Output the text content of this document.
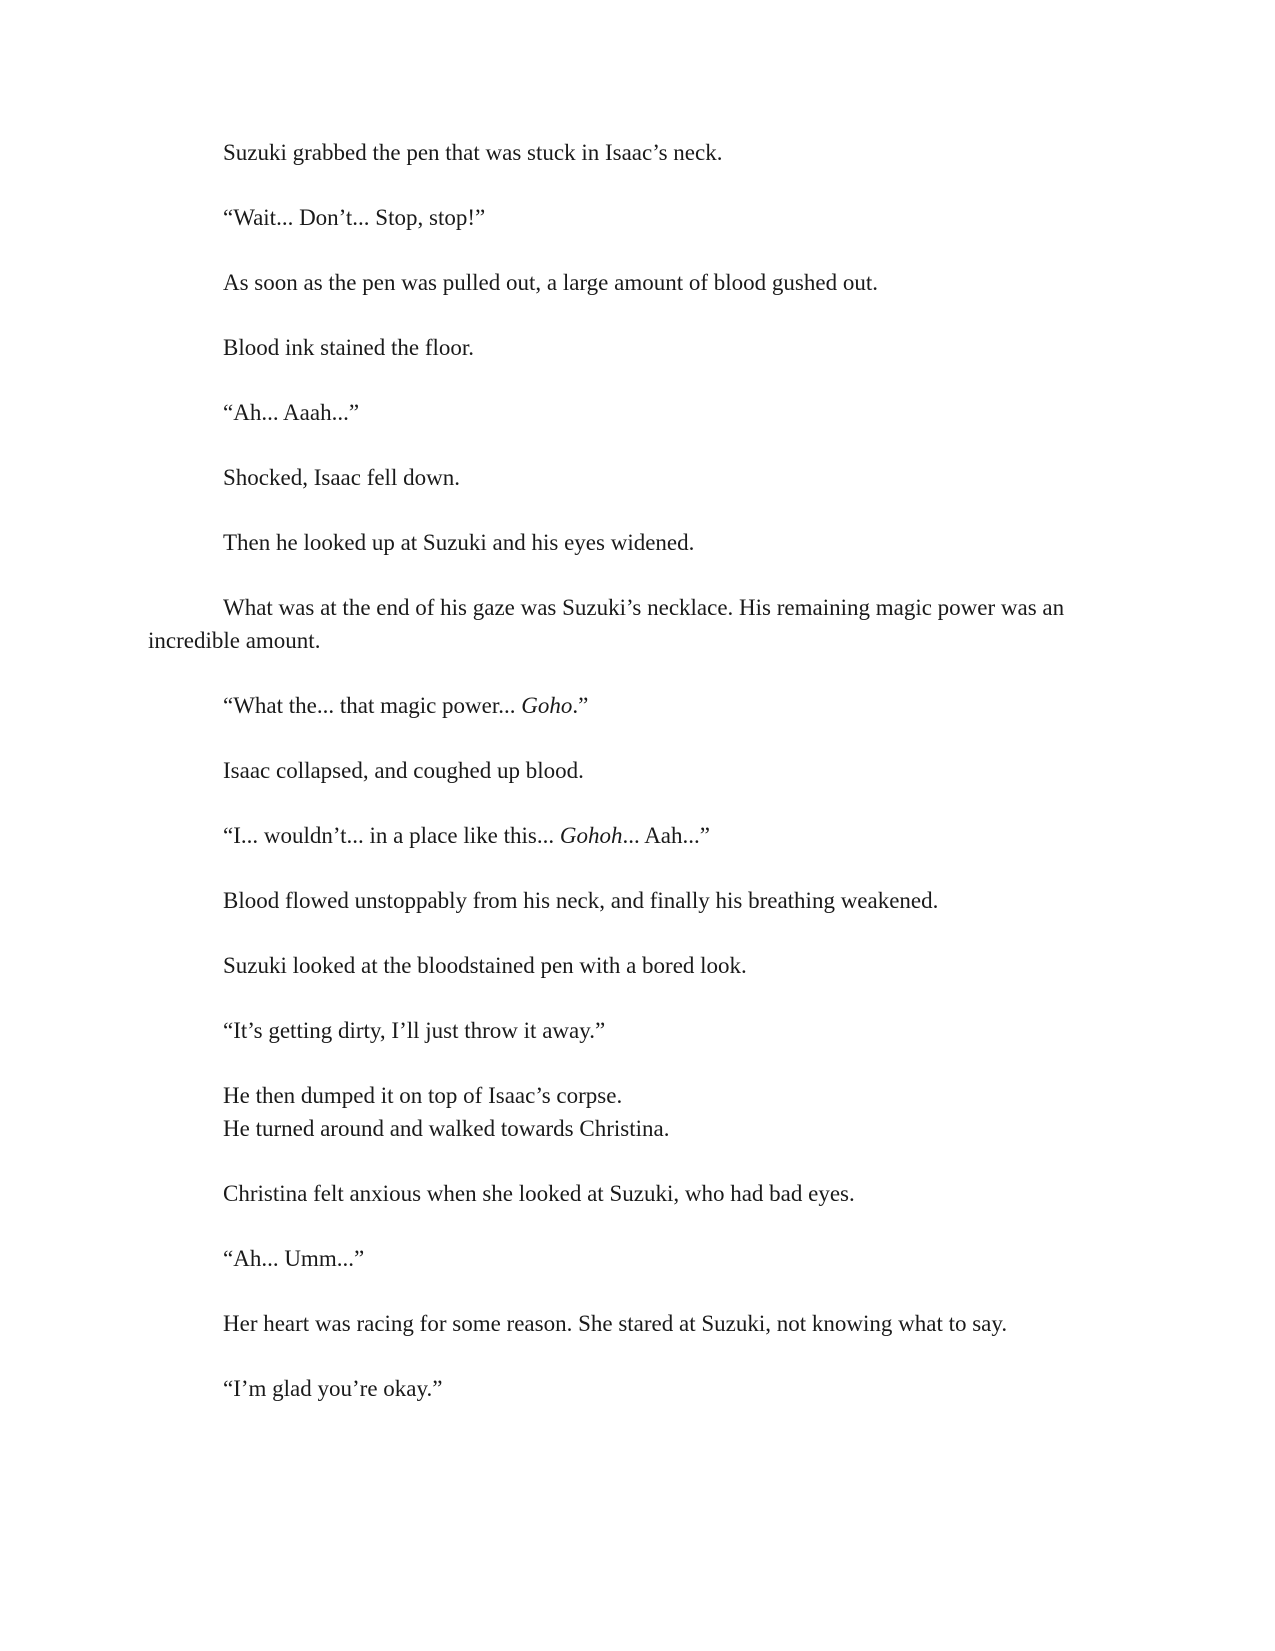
Suzuki grabbed the pen that was stuck in Isaac’s neck.

“Wait... Don’t... Stop, stop!”

As soon as the pen was pulled out, a large amount of blood gushed out.

Blood ink stained the floor.

“Ah... Aaah...”

Shocked, Isaac fell down.

Then he looked up at Suzuki and his eyes widened.

What was at the end of his gaze was Suzuki’s necklace. His remaining magic power was an incredible amount.

“What the... that magic power... Goho.”

Isaac collapsed, and coughed up blood.

“I... wouldn’t... in a place like this... Gohoh... Aah...”

Blood flowed unstoppably from his neck, and finally his breathing weakened.

Suzuki looked at the bloodstained pen with a bored look.

“It’s getting dirty, I’ll just throw it away.”

He then dumped it on top of Isaac’s corpse.

He turned around and walked towards Christina.

Christina felt anxious when she looked at Suzuki, who had bad eyes.

“Ah... Umm...”

Her heart was racing for some reason. She stared at Suzuki, not knowing what to say.

“I’m glad you’re okay.”
